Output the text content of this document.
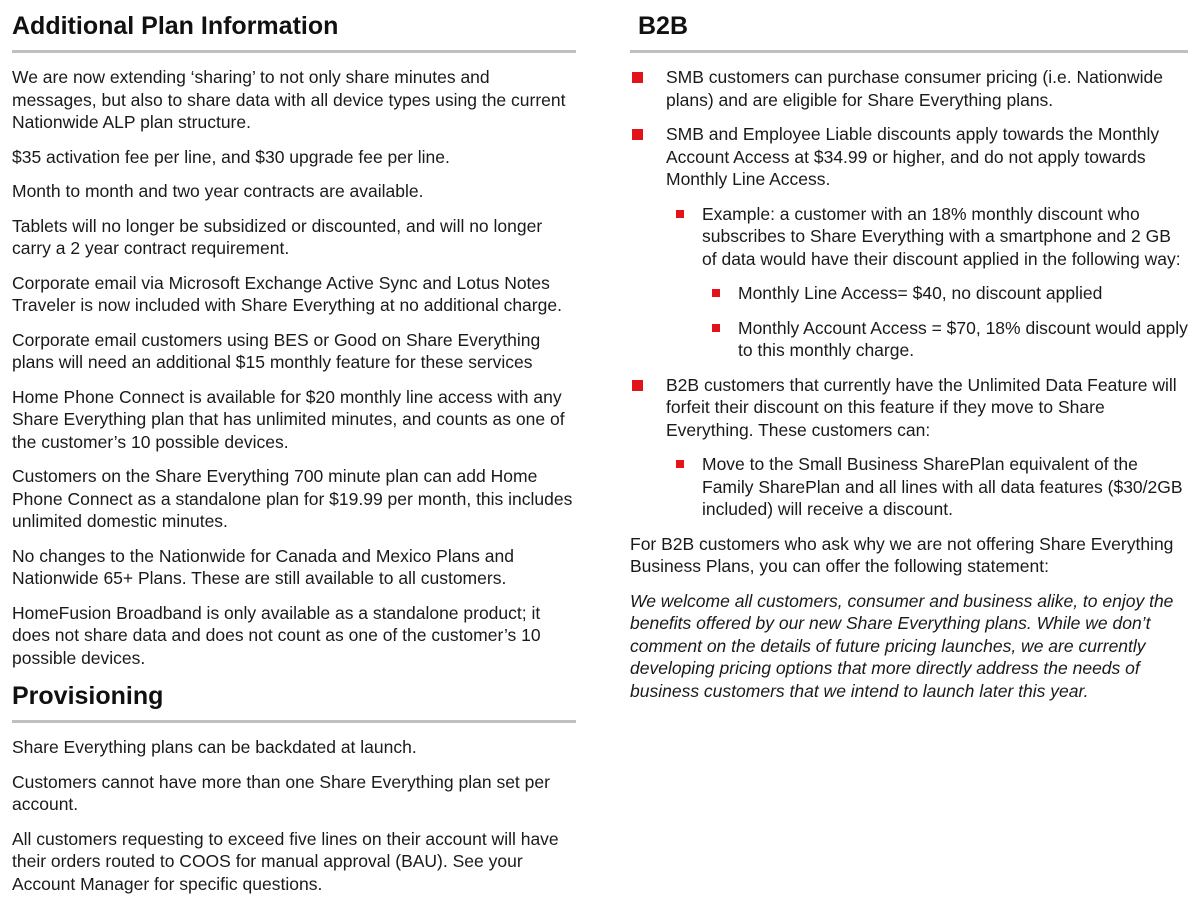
Additional Plan Information

We are now extending ‘sharing’ to not only share minutes and messages, but also to share data with all device types using the current Nationwide ALP plan structure.

$35 activation fee per line, and $30 upgrade fee per line.

Month to month and two year contracts are available.

Tablets will no longer be subsidized or discounted, and will no longer carry a 2 year contract requirement.

Corporate email via Microsoft Exchange Active Sync and Lotus Notes Traveler is now included with Share Everything at no additional charge.

Corporate email customers using BES or Good on Share Everything plans will need an additional $15 monthly feature for these services

Home Phone Connect is available for $20 monthly line access with any Share Everything plan that has unlimited minutes, and counts as one of the customer’s 10 possible devices.

Customers on the Share Everything 700 minute plan can add Home Phone Connect as a standalone plan for $19.99 per month, this includes unlimited domestic minutes.

No changes to the Nationwide for Canada and Mexico Plans and Nationwide 65+ Plans. These are still available to all customers.

HomeFusion Broadband is only available as a standalone product; it does not share data and does not count as one of the customer’s 10 possible devices.

Provisioning

Share Everything plans can be backdated at launch.

Customers cannot have more than one Share Everything plan set per account.

All customers requesting to exceed five lines on their account will have their orders routed to COOS for manual approval (BAU). See your Account Manager for specific questions.

B2B
SMB customers can purchase consumer pricing (i.e. Nationwide plans) and are eligible for Share Everything plans.
SMB and Employee Liable discounts apply towards the Monthly Account Access at $34.99 or higher, and do not apply towards Monthly Line Access.
Example: a customer with an 18% monthly discount who subscribes to Share Everything with a smartphone and 2 GB of data would have their discount applied in the following way:
Monthly Line Access= $40, no discount applied
Monthly Account Access = $70, 18% discount would apply to this monthly charge.
B2B customers that currently have the Unlimited Data Feature will forfeit their discount on this feature if they move to Share Everything. These customers can:
Move to the Small Business SharePlan equivalent of the Family SharePlan and all lines with all data features ($30/2GB included) will receive a discount.

For B2B customers who ask why we are not offering Share Everything Business Plans, you can offer the following statement:

We welcome all customers, consumer and business alike, to enjoy the benefits offered by our new Share Everything plans. While we don’t comment on the details of future pricing launches, we are currently developing pricing options that more directly address the needs of business customers that we intend to launch later this year.
